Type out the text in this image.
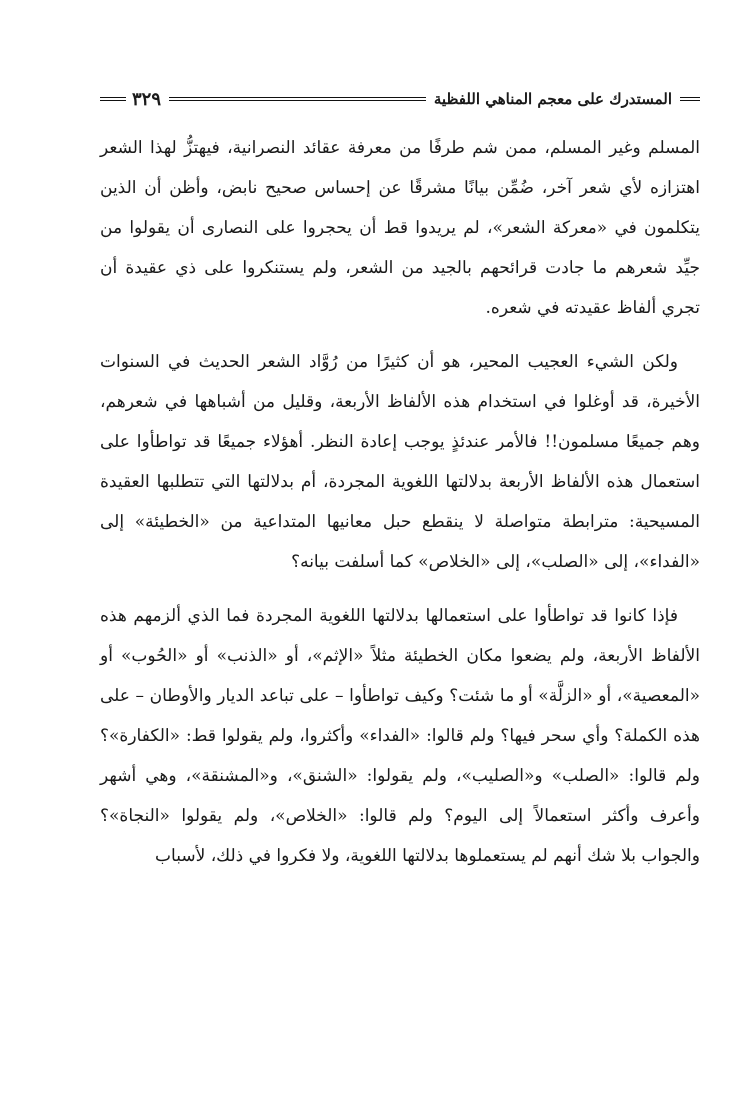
المستدرك على معجم المناهي اللفظية
٣٢٩

المسلم وغير المسلم، ممن شم طرفًا من معرفة عقائد النصرانية، فيهتزُّ لهذا الشعر اهتزازه لأي شعر آخر، ضُمِّن بيانًا مشرقًا عن إحساس صحيح نابض، وأظن أن الذين يتكلمون في «معركة الشعر»، لم يريدوا قط أن يحجروا على النصارى أن يقولوا من جيِّد شعرهم ما جادت قرائحهم بالجيد من الشعر، ولم يستنكروا على ذي عقيدة أن تجري ألفاظ عقيدته في شعره.

ولكن الشيء العجيب المحير، هو أن كثيرًا من رُوَّاد الشعر الحديث في السنوات الأخيرة، قد أوغلوا في استخدام هذه الألفاظ الأربعة، وقليل من أشباهها في شعرهم، وهم جميعًا مسلمون!! فالأمر عندئذٍ يوجب إعادة النظر. أهؤلاء جميعًا قد تواطأوا على استعمال هذه الألفاظ الأربعة بدلالتها اللغوية المجردة، أم بدلالتها التي تتطلبها العقيدة المسيحية: مترابطة متواصلة لا ينقطع حبل معانيها المتداعية من «الخطيئة» إلى «الفداء»، إلى «الصلب»، إلى «الخلاص» كما أسلفت بيانه؟

فإذا كانوا قد تواطأوا على استعمالها بدلالتها اللغوية المجردة فما الذي ألزمهم هذه الألفاظ الأربعة، ولم يضعوا مكان الخطيئة مثلاً «الإثم»، أو «الذنب» أو «الحُوب» أو «المعصية»، أو «الزلَّة» أو ما شئت؟ وكيف تواطأوا – على تباعد الديار والأوطان – على هذه الكملة؟ وأي سحر فيها؟ ولم قالوا: «الفداء» وأكثروا، ولم يقولوا قط: «الكفارة»؟ ولم قالوا: «الصلب» و«الصليب»، ولم يقولوا: «الشنق»، و«المشنقة»، وهي أشهر وأعرف وأكثر استعمالاً إلى اليوم؟ ولم قالوا: «الخلاص»، ولم يقولوا «النجاة»؟ والجواب بلا شك أنهم لم يستعملوها بدلالتها اللغوية، ولا فكروا في ذلك، لأسباب
